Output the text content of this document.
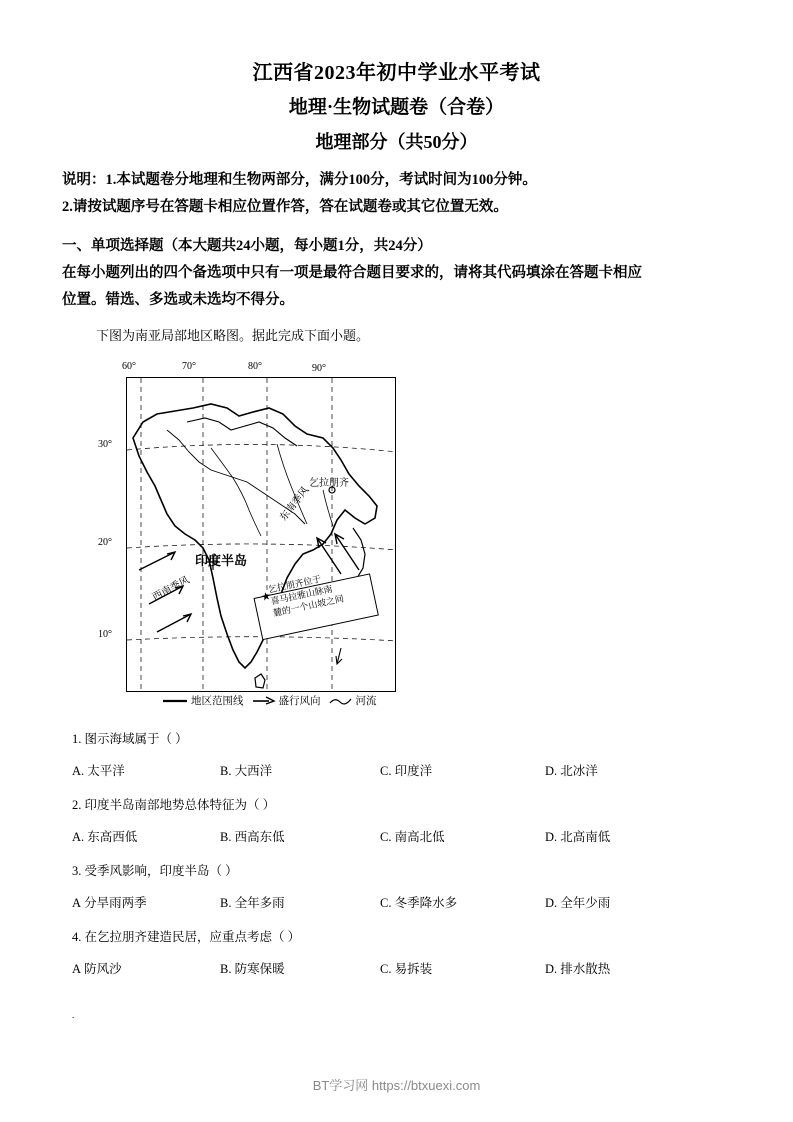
江西省2023年初中学业水平考试
地理·生物试题卷（合卷）
地理部分（共50分）
说明：1.本试题卷分地理和生物两部分，满分100分，考试时间为100分钟。
2.请按试题序号在答题卡相应位置作答，答在试题卷或其它位置无效。
一、单项选择题（本大题共24小题，每小题1分，共24分）
在每小题列出的四个备选项中只有一项是最符合题目要求的，请将其代码填涂在答题卡相应
位置。错选、多选或未选均不得分。
下图为南亚局部地区略图。据此完成下面小题。
60°	70°	80°	90°
30°
20°
10°
乞拉朋齐
印度半岛
东南季风
西南季风	乞拉朋齐位于
喜马拉雅山脉南
麓的一个山坡之间
★
地区范围线	盛行风向	河流
1. 图示海域属于（ ）
A. 太平洋	B. 大西洋	C. 印度洋	D. 北冰洋
2. 印度半岛南部地势总体特征为（ ）
A. 东高西低	B. 西高东低	C. 南高北低	D. 北高南低
3. 受季风影响，印度半岛（ ）
A 分旱雨两季	B. 全年多雨	C. 冬季降水多	D. 全年少雨
4. 在乞拉朋齐建造民居，应重点考虑（ ）
A 防风沙	B. 防寒保暖	C. 易拆装	D. 排水散热
.
BT学习网 https://btxuexi.com
